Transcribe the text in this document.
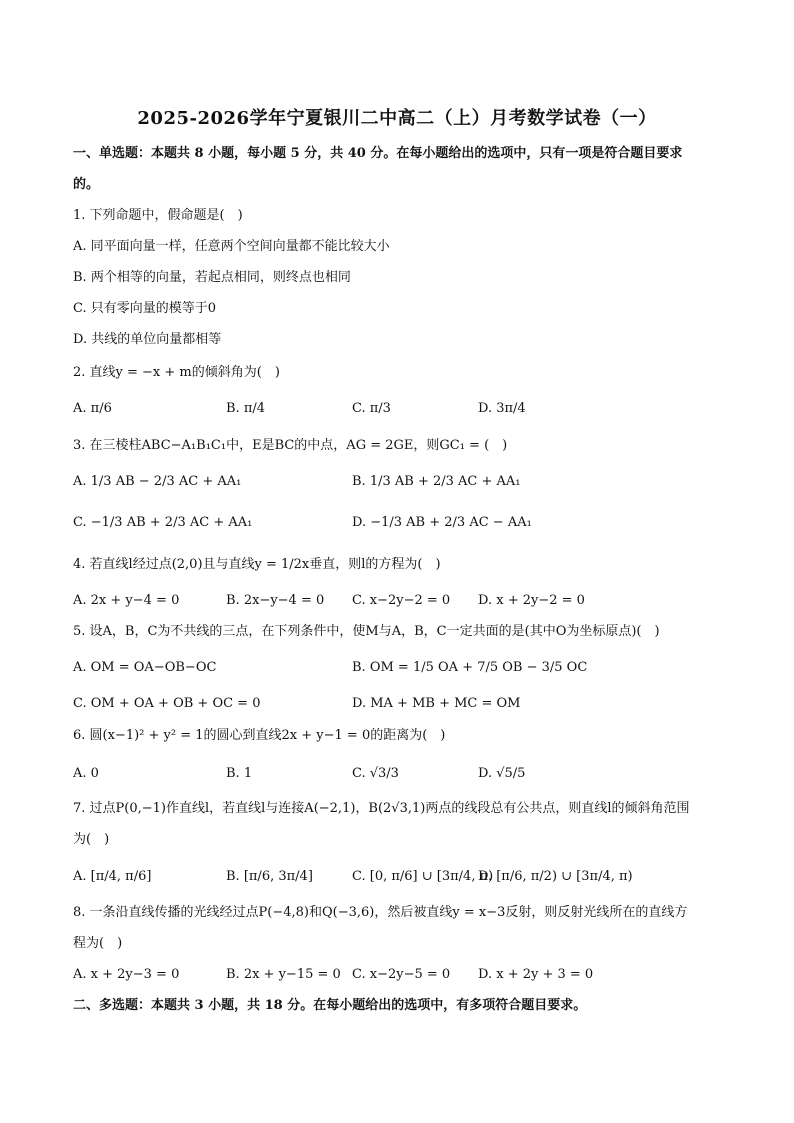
2025-2026学年宁夏银川二中高二（上）月考数学试卷（一）
一、单选题：本题共 8 小题，每小题 5 分，共 40 分。在每小题给出的选项中，只有一项是符合题目要求
的。
1. 下列命题中，假命题是(　)
A. 同平面向量一样，任意两个空间向量都不能比较大小
B. 两个相等的向量，若起点相同，则终点也相同
C. 只有零向量的模等于0
D. 共线的单位向量都相等
2. 直线y = −x + m的倾斜角为(　)
A. π/6	B. π/4	C. π/3	D. 3π/4
3. 在三棱柱ABC−A₁B₁C₁中，E是BC的中点，AG = 2GE，则GC₁ = (　)
A. 1/3 AB − 2/3 AC + AA₁	B. 1/3 AB + 2/3 AC + AA₁
C. −1/3 AB + 2/3 AC + AA₁	D. −1/3 AB + 2/3 AC − AA₁
4. 若直线l经过点(2,0)且与直线y = 1/2x垂直，则l的方程为(　)
A. 2x + y−4 = 0	B. 2x−y−4 = 0 C. x−2y−2 = 0 D. x + 2y−2 = 0
5. 设A，B，C为不共线的三点，在下列条件中，使M与A，B，C一定共面的是(其中O为坐标原点)(　)
A. OM = OA−OB−OC	B. OM = 1/5 OA + 7/5 OB − 3/5 OC
C. OM + OA + OB + OC = 0	D. MA + MB + MC = OM
6. 圆(x−1)² + y² = 1的圆心到直线2x + y−1 = 0的距离为(　)
A. 0	B. 1	C. √3/3	D. √5/5
7. 过点P(0,−1)作直线l，若直线l与连接A(−2,1)，B(2√3,1)两点的线段总有公共点，则直线l的倾斜角范围
为(　)
A. [π/4, π/6]	B. [π/6, 3π/4]	C. [0, π/6] ∪ [3π/4, π)
D. [π/6, π/2) ∪ [3π/4, π)
8. 一条沿直线传播的光线经过点P(−4,8)和Q(−3,6)，然后被直线y = x−3反射，则反射光线所在的直线方
程为(　)
A. x + 2y−3 = 0	B. 2x + y−15 = 0 C. x−2y−5 = 0 D. x + 2y + 3 = 0
二、多选题：本题共 3 小题，共 18 分。在每小题给出的选项中，有多项符合题目要求。
